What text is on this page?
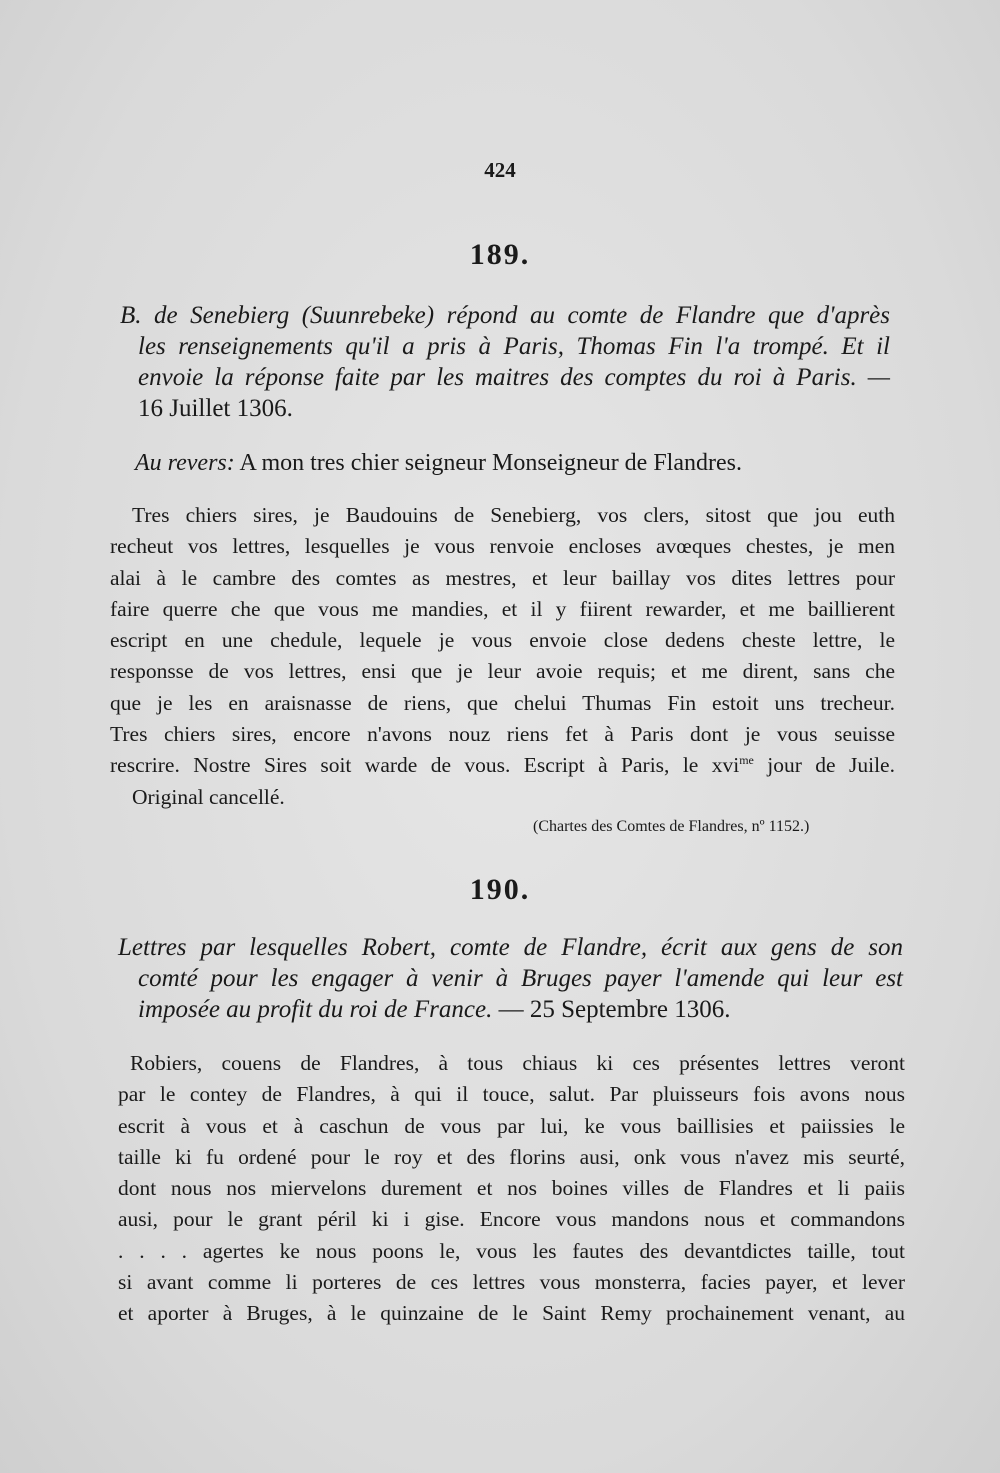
424
189.
B. de Senebierg (Suunrebeke) répond au comte de Flandre que d'après
les renseignements qu'il a pris à Paris, Thomas Fin l'a trompé. Et il
envoie la réponse faite par les maitres des comptes du roi à Paris. —
16 Juillet 1306.
Au revers: A mon tres chier seigneur Monseigneur de Flandres.
Tres chiers sires, je Baudouins de Senebierg, vos clers, sitost que jou euth
recheut vos lettres, lesquelles je vous renvoie encloses avœques chestes, je men
alai à le cambre des comtes as mestres, et leur baillay vos dites lettres pour
faire querre che que vous me mandies, et il y fiirent rewarder, et me baillierent
escript en une chedule, lequele je vous envoie close dedens cheste lettre, le
responsse de vos lettres, ensi que je leur avoie requis; et me dirent, sans che
que je les en araisnasse de riens, que chelui Thumas Fin estoit uns trecheur.
Tres chiers sires, encore n'avons nouz riens fet à Paris dont je vous seuisse
rescrire. Nostre Sires soit warde de vous. Escript à Paris, le xvi$^{me}$ jour de Juile.
Original cancellé.
(Chartes des Comtes de Flandres, nº 1152.)
190.
Lettres par lesquelles Robert, comte de Flandre, écrit aux gens de son
comté pour les engager à venir à Bruges payer l'amende qui leur est
imposée au profit du roi de France. — 25 Septembre 1306.
Robiers, couens de Flandres, à tous chiaus ki ces présentes lettres veront
par le contey de Flandres, à qui il touce, salut. Par pluisseurs fois avons nous
escrit à vous et à caschun de vous par lui, ke vous baillisies et paiissies le
taille ki fu ordené pour le roy et des florins ausi, onk vous n'avez mis seurté,
dont nous nos miervelons durement et nos boines villes de Flandres et li paiis
ausi, pour le grant péril ki i gise. Encore vous mandons nous et commandons
. . . . agertes ke nous poons le, vous les fautes des devantdictes taille, tout
si avant comme li porteres de ces lettres vous monsterra, facies payer, et lever
et aporter à Bruges, à le quinzaine de le Saint Remy prochainement venant, au
